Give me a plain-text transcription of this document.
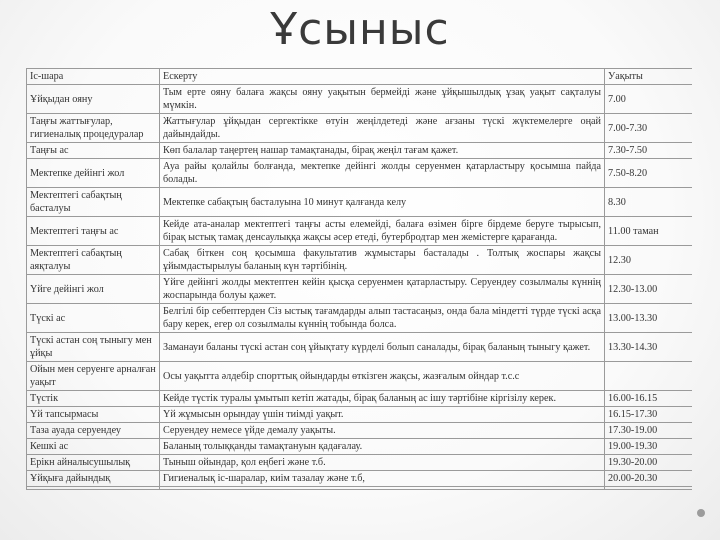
Ұсыныс
Іс-шара	Ескерту	Уақыты
Ұйқыдан ояну	Тым ерте ояну балаға жақсы ояну уақытын бермейді және ұйқышылдық ұзақ уақыт сақталуы мүмкін.	7.00
Таңғы жаттығулар, гигиеналық процедуралар	Жаттығулар ұйқыдан сергектікке өтуін жеңілдетеді және ағзаны түскі жүктемелерге оңай дайындайды.	7.00-7.30
Таңғы ас	Көп балалар таңертең нашар тамақтанады, бірақ жеңіл тағам қажет.	7.30-7.50
Мектепке дейінгі жол	Ауа райы қолайлы болғанда, мектепке дейінгі жолды серуенмен қатарластыру қосымша пайда болады.	7.50-8.20
Мектептегі сабақтың басталуы	Мектепке сабақтың басталуына 10 минут қалғанда келу	8.30
Мектептегі таңғы ас	Кейде ата-аналар мектептегі таңғы асты елемейді, балаға өзімен бірге бірдеме беруге тырысып, бірақ ыстық тамақ денсаулыққа жақсы әсер етеді, бутербродтар мен жемістерге қарағанда.	11.00 таман
Мектептегі сабақтың аяқталуы	Сабақ біткен соң қосымша факультатив жұмыстары басталады . Толтық жоспары жақсы ұйымдастырылуы баланың күн тәртібінің.	12.30
Үйге дейінгі жол	Үйге дейінгі жолды мектептен кейін қысқа серуенмен қатарластыру. Серуендеу созылмалы күннің жоспарында болуы қажет.	12.30-13.00
Түскі ас	Белгілі бір себептерден Сіз ыстық тағамдарды алып тастасаңыз, онда бала міндетті түрде түскі асқа бару керек, егер ол созылмалы күннің тобында болса.	13.00-13.30
Түскі астан соң тыныгу мен ұйқы	Заманауи баланы түскі астан соң ұйықтату күрделі болып саналады, бірақ баланың тыныгу қажет.	13.30-14.30
Ойын мен серуенге арналған уақыт	Осы уақытта әлдебір спорттық ойындарды өткізген жақсы, жазғалым ойндар т.с.с	
Түстік	Кейде түстік туралы ұмытып кетіп жатады, бірақ баланың ас ішу тәртібіне кіргізілу керек.	16.00-16.15
Үй тапсырмасы	Үй жұмысын орындау үшін тиімді уақыт.	16.15-17.30
Таза ауада серуендеу	Серуендеу немесе үйде демалу уақыты.	17.30-19.00
Кешкі ас	Баланың толыққанды тамақтануын қадағалау.	19.00-19.30
Ерікн айналысушылық	Тыныш ойындар, қол еңбегі және т.б.	19.30-20.00
Ұйқыға дайындық	Гигиеналық іс-шаралар, киім тазалау және т.б,	20.00-20.30
